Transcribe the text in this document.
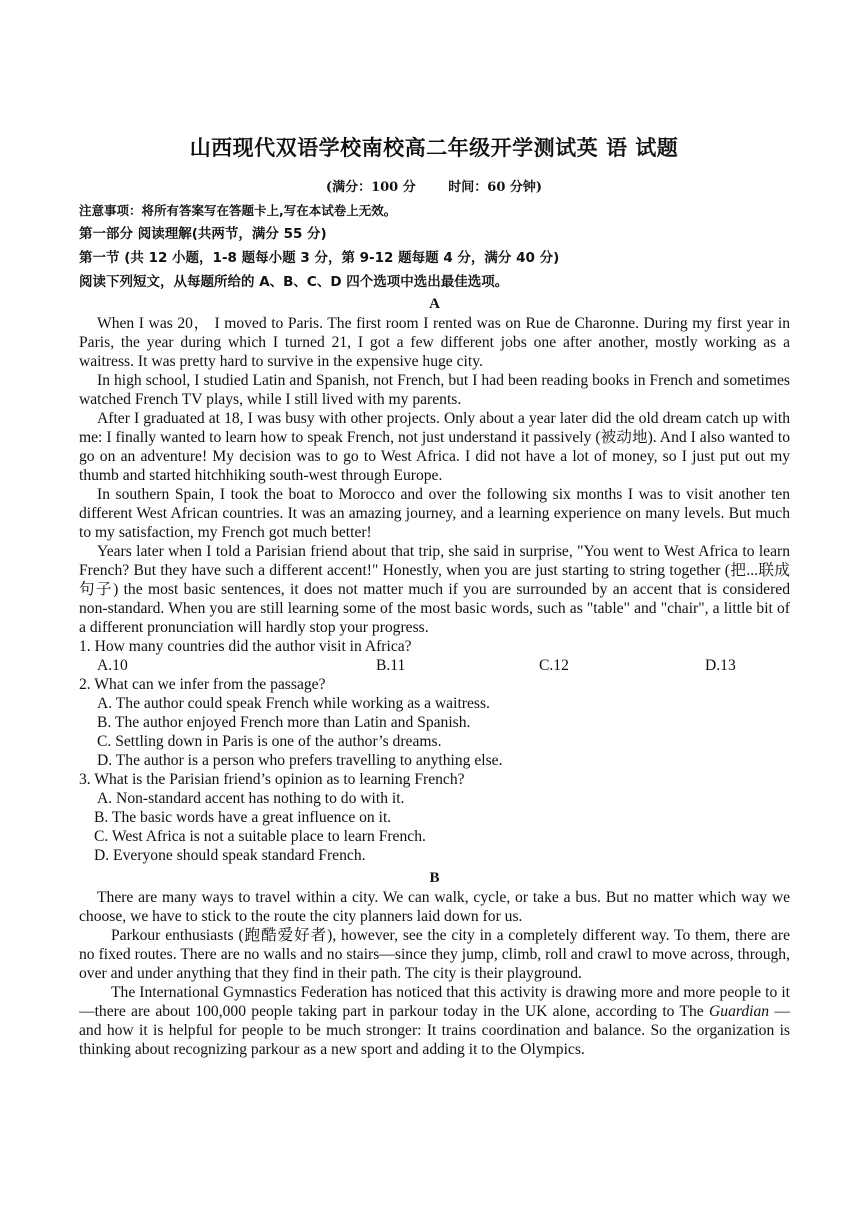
山西现代双语学校南校高二年级开学测试英 语 试题
(满分：100 分	时间：60 分钟)
注意事项：将所有答案写在答题卡上,写在本试卷上无效。
第一部分 阅读理解(共两节，满分 55 分)
第一节 (共 12 小题，1-8 题每小题 3 分，第 9-12 题每题 4 分，满分 40 分)
阅读下列短文，从每题所给的 A、B、C、D 四个选项中选出最佳选项。
A

When I was 20， I moved to Paris. The first room I rented was on Rue de Charonne. During my first year in Paris, the year during which I turned 21, I got a few different jobs one after another, mostly working as a waitress. It was pretty hard to survive in the expensive huge city.

In high school, I studied Latin and Spanish, not French, but I had been reading books in French and sometimes watched French TV plays, while I still lived with my parents.

After I graduated at 18, I was busy with other projects. Only about a year later did the old dream catch up with me: I finally wanted to learn how to speak French, not just understand it passively (被动地). And I also wanted to go on an adventure! My decision was to go to West Africa. I did not have a lot of money, so I just put out my thumb and started hitchhiking south-west through Europe.

In southern Spain, I took the boat to Morocco and over the following six months I was to visit another ten different West African countries. It was an amazing journey, and a learning experience on many levels. But much to my satisfaction, my French got much better!

Years later when I told a Parisian friend about that trip, she said in surprise, "You went to West Africa to learn French? But they have such a different accent!" Honestly, when you are just starting to string together (把...联成句子) the most basic sentences, it does not matter much if you are surrounded by an accent that is considered non-standard. When you are still learning some of the most basic words, such as "table" and "chair", a little bit of a different pronunciation will hardly stop your progress.

1. How many countries did the author visit in Africa?
A.10	B.11	C.12	D.13
2. What can we infer from the passage?
A. The author could speak French while working as a waitress.
B. The author enjoyed French more than Latin and Spanish.
C. Settling down in Paris is one of the author’s dreams.
D. The author is a person who prefers travelling to anything else.
3. What is the Parisian friend’s opinion as to learning French?
A. Non-standard accent has nothing to do with it.
B. The basic words have a great influence on it.
C. West Africa is not a suitable place to learn French.
D. Everyone should speak standard French.
B

There are many ways to travel within a city. We can walk, cycle, or take a bus. But no matter which way we choose, we have to stick to the route the city planners laid down for us.

Parkour enthusiasts (跑酷爱好者), however, see the city in a completely different way. To them, there are no fixed routes. There are no walls and no stairs—since they jump, climb, roll and crawl to move across, through, over and under anything that they find in their path. The city is their playground.

The International Gymnastics Federation has noticed that this activity is drawing more and more people to it—there are about 100,000 people taking part in parkour today in the UK alone, according to The Guardian — and how it is helpful for people to be much stronger: It trains coordination and balance. So the organization is thinking about recognizing parkour as a new sport and adding it to the Olympics.
